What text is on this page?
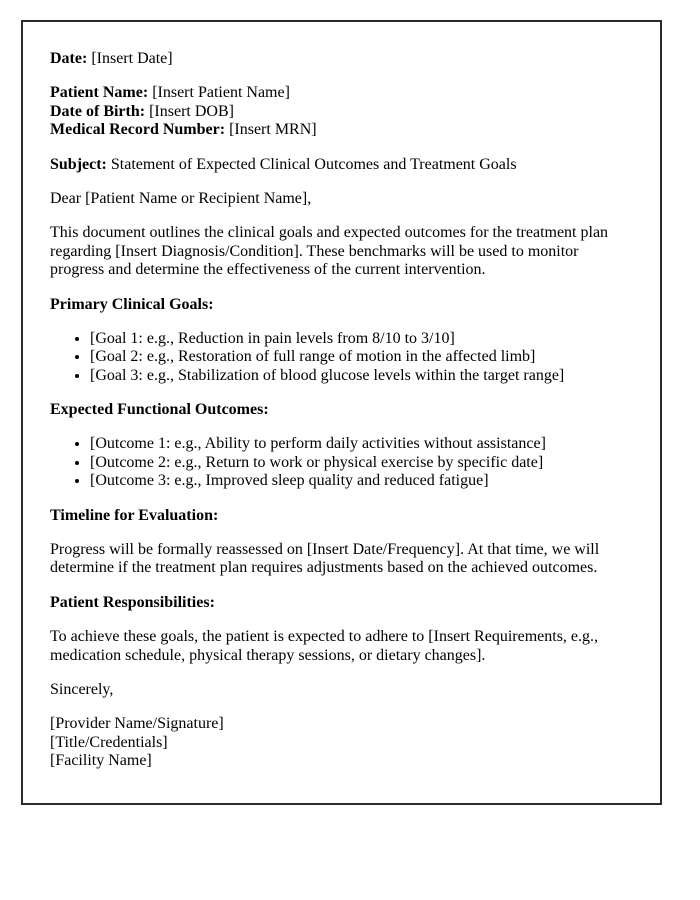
Date: [Insert Date]

Patient Name: [Insert Patient Name]
Date of Birth: [Insert DOB]
Medical Record Number: [Insert MRN]

Subject: Statement of Expected Clinical Outcomes and Treatment Goals

Dear [Patient Name or Recipient Name],

This document outlines the clinical goals and expected outcomes for the treatment plan regarding [Insert Diagnosis/Condition]. These benchmarks will be used to monitor progress and determine the effectiveness of the current intervention.

Primary Clinical Goals:

• [Goal 1: e.g., Reduction in pain levels from 8/10 to 3/10]
• [Goal 2: e.g., Restoration of full range of motion in the affected limb]
• [Goal 3: e.g., Stabilization of blood glucose levels within the target range]

Expected Functional Outcomes:

• [Outcome 1: e.g., Ability to perform daily activities without assistance]
• [Outcome 2: e.g., Return to work or physical exercise by specific date]
• [Outcome 3: e.g., Improved sleep quality and reduced fatigue]

Timeline for Evaluation:

Progress will be formally reassessed on [Insert Date/Frequency]. At that time, we will determine if the treatment plan requires adjustments based on the achieved outcomes.

Patient Responsibilities:

To achieve these goals, the patient is expected to adhere to [Insert Requirements, e.g., medication schedule, physical therapy sessions, or dietary changes].

Sincerely,

[Provider Name/Signature]
[Title/Credentials]
[Facility Name]
